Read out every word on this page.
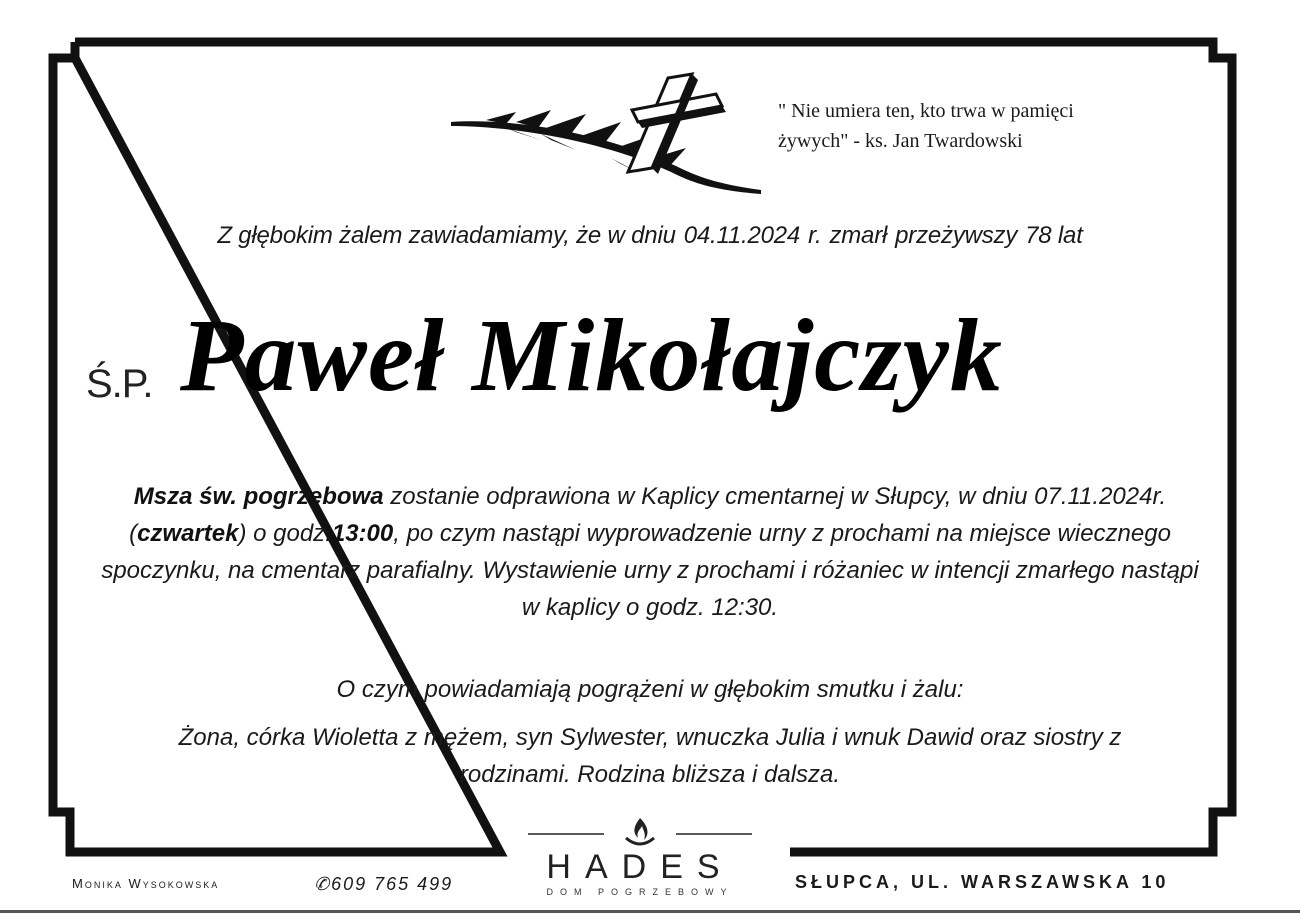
" Nie umiera ten, kto trwa w pamięci
żywych" - ks. Jan Twardowski
Z głębokim żalem zawiadamiamy, że w dniu 04.11.2024 r. zmarł przeżywszy 78 lat
Ś.P. Paweł Mikołajczyk
Msza św. pogrzebowa zostanie odprawiona w Kaplicy cmentarnej w Słupcy, w dniu 07.11.2024r. (czwartek) o godz.13:00, po czym nastąpi wyprowadzenie urny z prochami na miejsce wiecznego spoczynku, na cmentarz parafialny. Wystawienie urny z prochami i różaniec w intencji zmarłego nastąpi w kaplicy o godz. 12:30.
O czym powiadamiają pogrążeni w głębokim smutku i żalu:
Żona, córka Wioletta z mężem, syn Sylwester, wnuczka Julia i wnuk Dawid oraz siostry z rodzinami. Rodzina bliższa i dalsza.
Monika Wysokowska	✆609 765 499	HADES
DOM POGRZEBOWY	SŁUPCA, UL. WARSZAWSKA 10
